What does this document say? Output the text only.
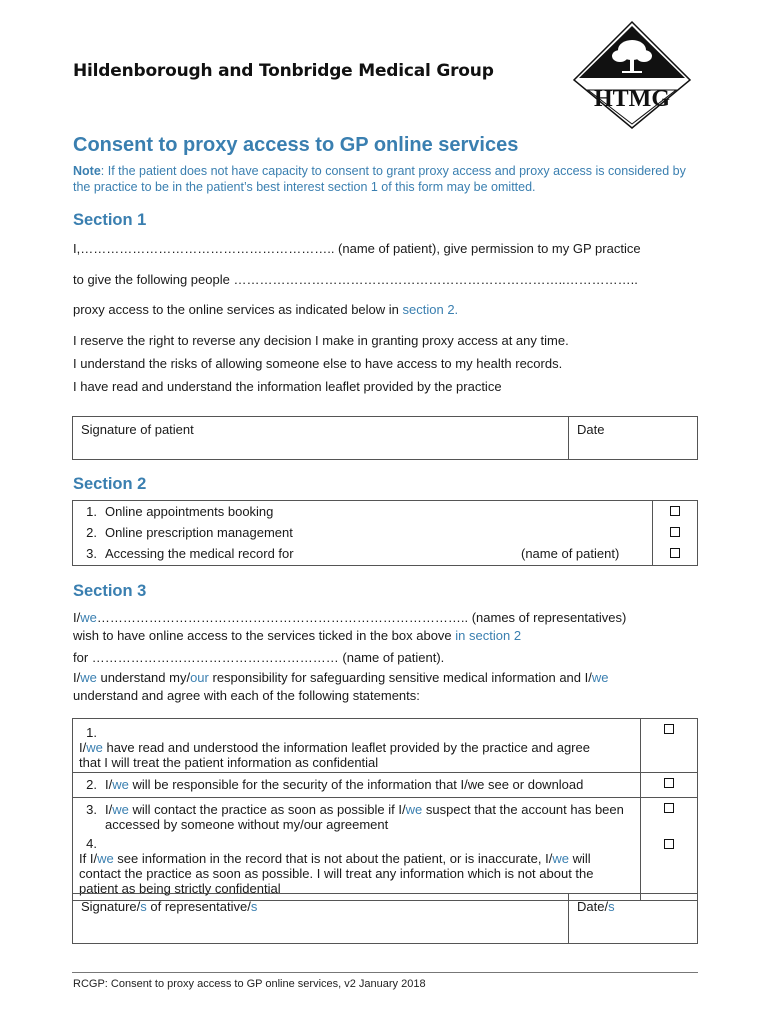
Hildenborough and Tonbridge Medical Group
HTMG
Consent to proxy access to GP online services
Note: If the patient does not have capacity to consent to grant proxy access and proxy access is considered by the practice to be in the patient’s best interest section 1 of this form may be omitted.
Section 1
I,………………………………………………….. (name of patient), give permission to my GP practice
to give the following people …………………………………………………………………..……………..
proxy access to the online services as indicated below in section 2.
I reserve the right to reverse any decision I make in granting proxy access at any time.
I understand the risks of allowing someone else to have access to my health records.
I have read and understand the information leaflet provided by the practice
Signature of patient	Date
Section 2
1. Online appointments booking
2. Online prescription management
3. Accessing the medical record for	(name of patient)

Section 3
I/we………………………………………………………………………….. (names of representatives)
wish to have online access to the services ticked in the box above in section 2
for ………………………………………………… (name of patient).
I/we understand my/our responsibility for safeguarding sensitive medical information and I/we
understand and agree with each of the following statements:
1.I/we have read and understood the information leaflet provided by the practice and agree that I will treat the patient information as confidential	
2. I/we will be responsible for the security of the information that I/we see or download	
3. I/we will contact the practice as soon as possible if I/we suspect that the account has been accessed by someone without my/our agreement	
4.If I/we see information in the record that is not about the patient, or is inaccurate, I/we will contact the practice as soon as possible. I will treat any information which is not about the patient as being strictly confidential	
Signature/s of representative/s	Date/s
RCGP: Consent to proxy access to GP online services, v2 January 2018
